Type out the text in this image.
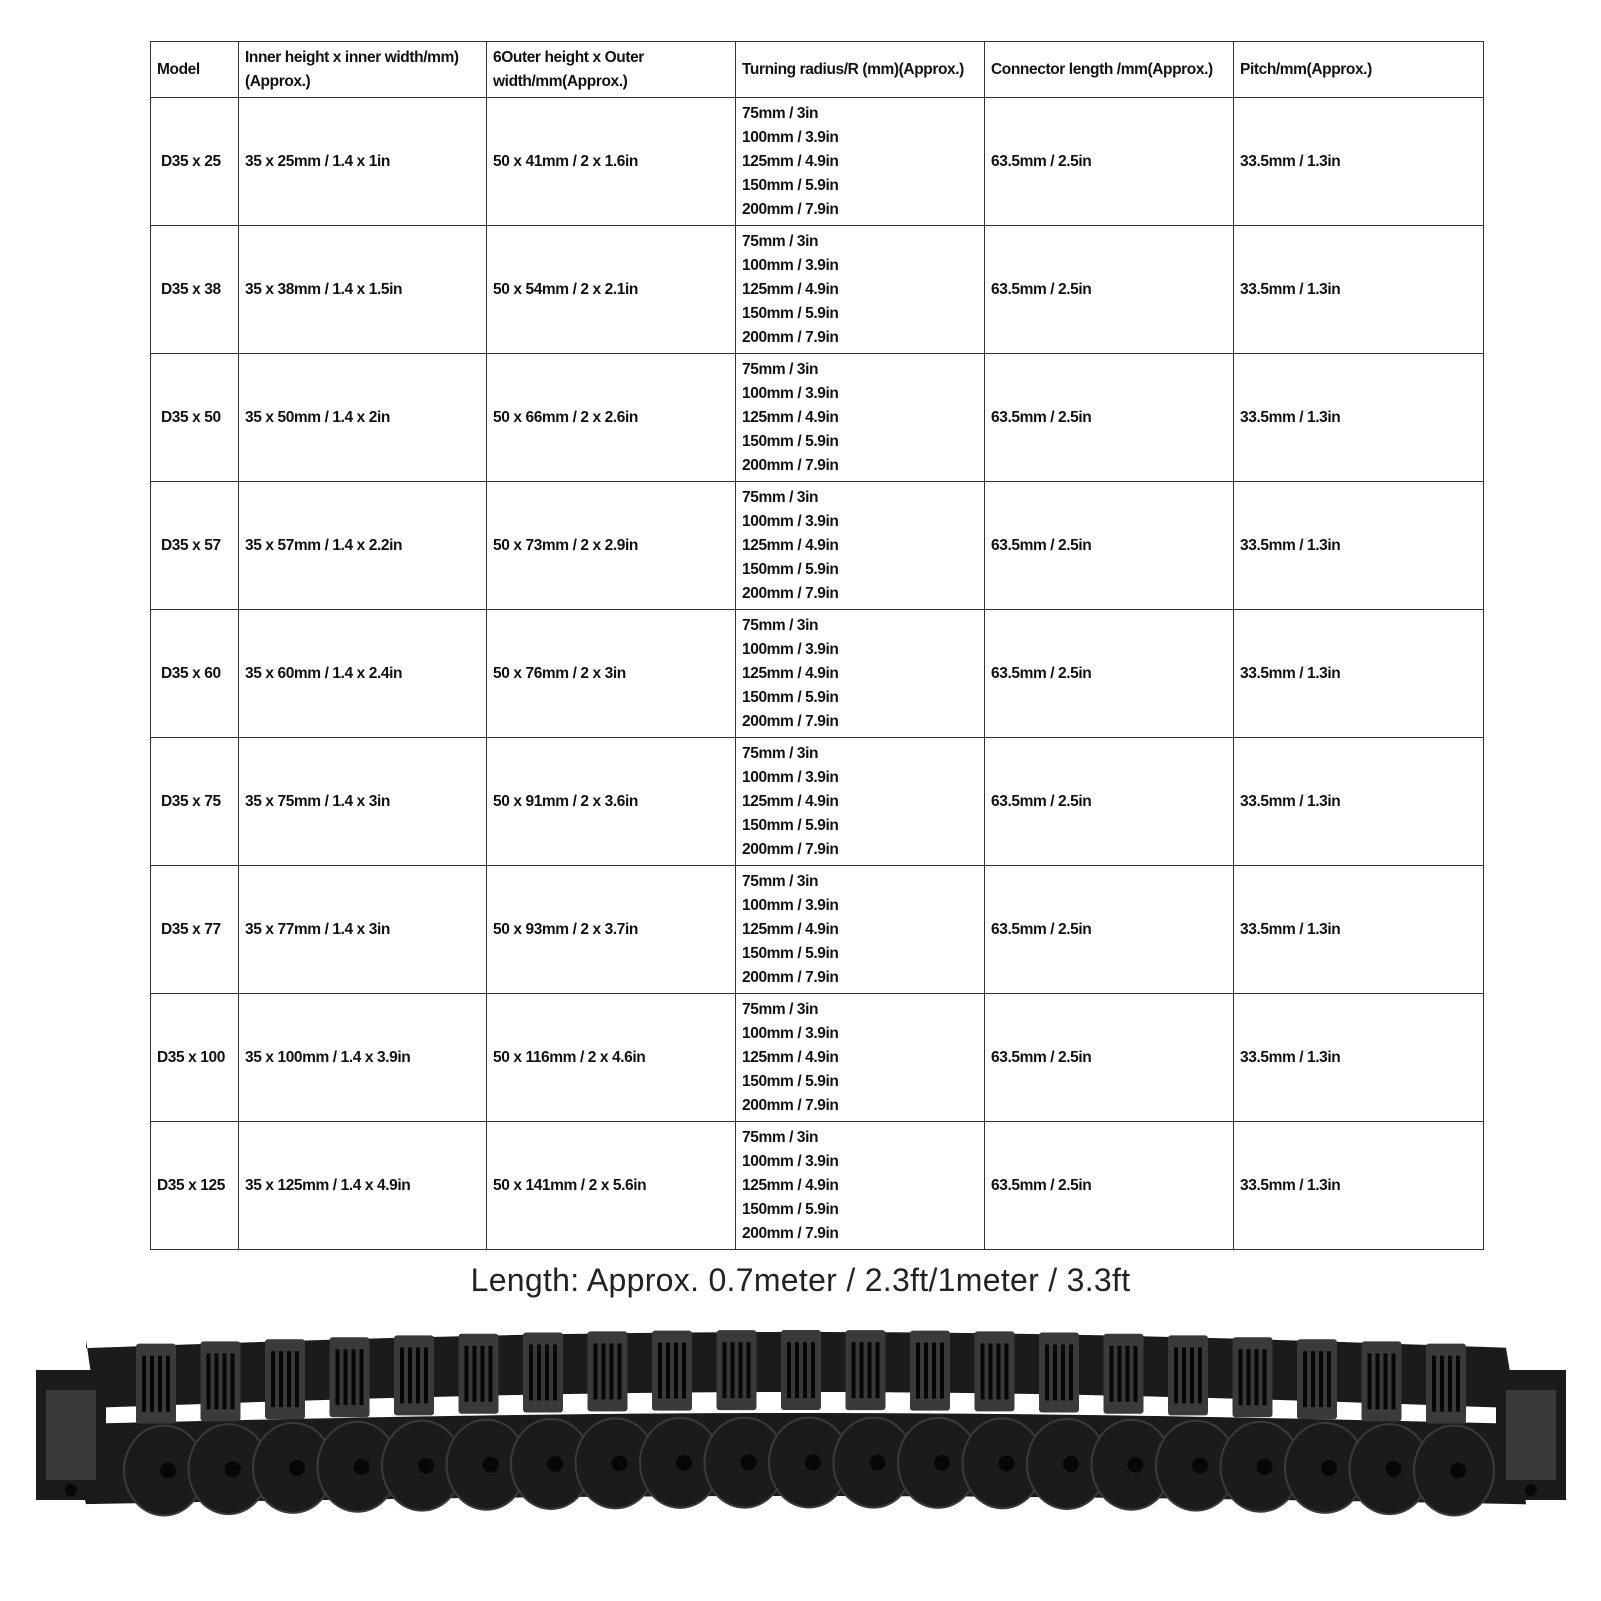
Model	Inner height x inner width/mm)(Approx.)	6Outer height x Outer width/mm(Approx.)	Turning radius/R (mm)(Approx.)	Connector length /mm(Approx.)	Pitch/mm(Approx.)
D35 x 25	35 x 25mm / 1.4 x 1in	50 x 41mm / 2 x 1.6in	75mm / 3in
100mm / 3.9in
125mm / 4.9in
150mm / 5.9in
200mm / 7.9in	63.5mm / 2.5in	33.5mm / 1.3in
D35 x 38	35 x 38mm / 1.4 x 1.5in	50 x 54mm / 2 x 2.1in	75mm / 3in
100mm / 3.9in
125mm / 4.9in
150mm / 5.9in
200mm / 7.9in	63.5mm / 2.5in	33.5mm / 1.3in
D35 x 50	35 x 50mm / 1.4 x 2in	50 x 66mm / 2 x 2.6in	75mm / 3in
100mm / 3.9in
125mm / 4.9in
150mm / 5.9in
200mm / 7.9in	63.5mm / 2.5in	33.5mm / 1.3in
D35 x 57	35 x 57mm / 1.4 x 2.2in	50 x 73mm / 2 x 2.9in	75mm / 3in
100mm / 3.9in
125mm / 4.9in
150mm / 5.9in
200mm / 7.9in	63.5mm / 2.5in	33.5mm / 1.3in
D35 x 60	35 x 60mm / 1.4 x 2.4in	50 x 76mm / 2 x 3in	75mm / 3in
100mm / 3.9in
125mm / 4.9in
150mm / 5.9in
200mm / 7.9in	63.5mm / 2.5in	33.5mm / 1.3in
D35 x 75	35 x 75mm / 1.4 x 3in	50 x 91mm / 2 x 3.6in	75mm / 3in
100mm / 3.9in
125mm / 4.9in
150mm / 5.9in
200mm / 7.9in	63.5mm / 2.5in	33.5mm / 1.3in
D35 x 77	35 x 77mm / 1.4 x 3in	50 x 93mm / 2 x 3.7in	75mm / 3in
100mm / 3.9in
125mm / 4.9in
150mm / 5.9in
200mm / 7.9in	63.5mm / 2.5in	33.5mm / 1.3in
D35 x 100	35 x 100mm / 1.4 x 3.9in	50 x 116mm / 2 x 4.6in	75mm / 3in
100mm / 3.9in
125mm / 4.9in
150mm / 5.9in
200mm / 7.9in	63.5mm / 2.5in	33.5mm / 1.3in
D35 x 125	35 x 125mm / 1.4 x 4.9in	50 x 141mm / 2 x 5.6in	75mm / 3in
100mm / 3.9in
125mm / 4.9in
150mm / 5.9in
200mm / 7.9in	63.5mm / 2.5in	33.5mm / 1.3in
Length: Approx. 0.7meter / 2.3ft/1meter / 3.3ft
